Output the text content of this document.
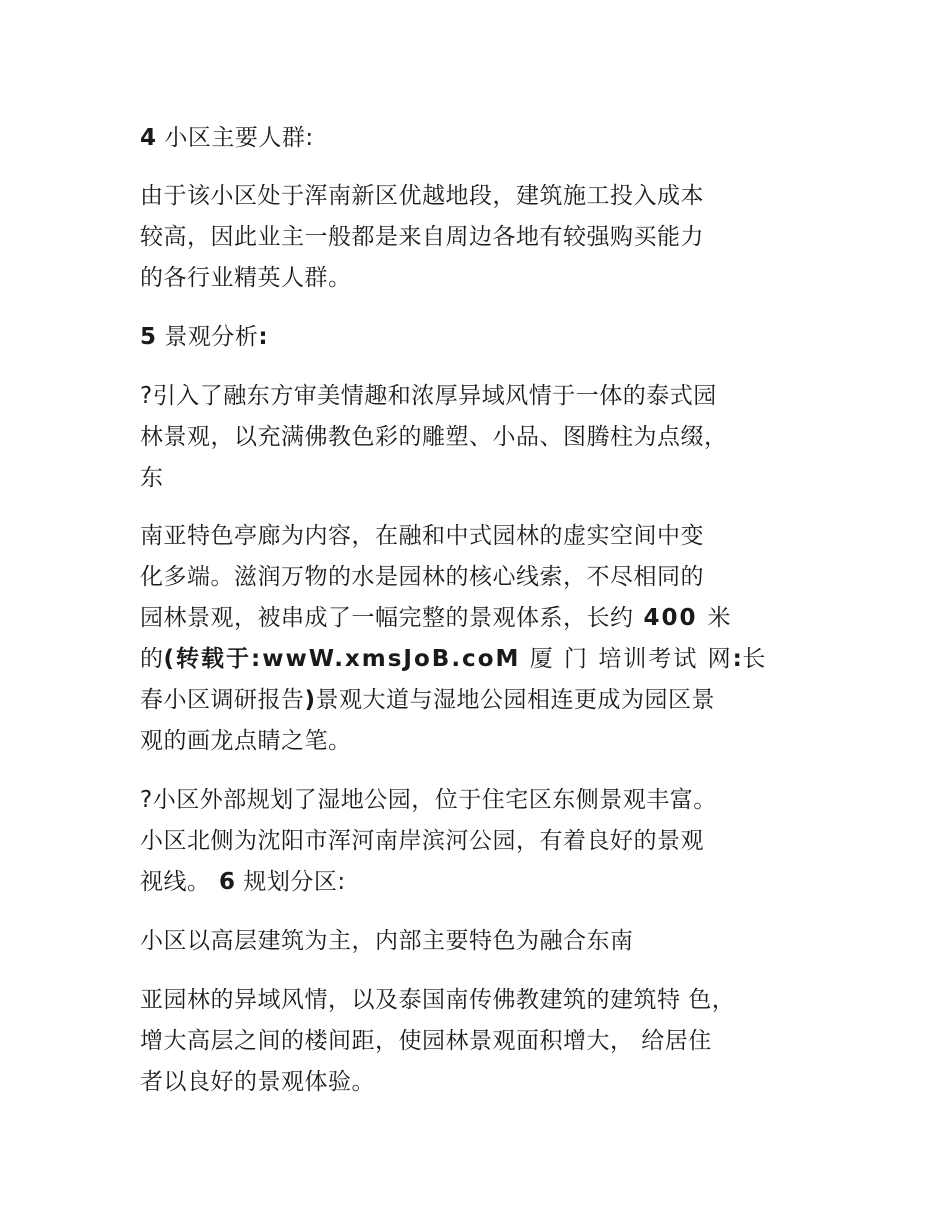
4 小区主要人群:

由于该小区处于浑南新区优越地段，建筑施工投入成本

较高，因此业主一般都是来自周边各地有较强购买能力

的各行业精英人群。

5 景观分析:

?引入了融东方审美情趣和浓厚异域风情于一体的泰式园

林景观，以充满佛教色彩的雕塑、小品、图腾柱为点缀，

东

南亚特色亭廊为内容，在融和中式园林的虚实空间中变

化多端。滋润万物的水是园林的核心线索，不尽相同的

园林景观，被串成了一幅完整的景观体系，长约 400 米

的(转载于:wwW.xmsJoB.coM 厦 门 培训考试 网:长

春小区调研报告)景观大道与湿地公园相连更成为园区景

观的画龙点睛之笔。

?小区外部规划了湿地公园，位于住宅区东侧景观丰富。

小区北侧为沈阳市浑河南岸滨河公园，有着良好的景观

视线。 6 规划分区:

小区以高层建筑为主，内部主要特色为融合东南

亚园林的异域风情，以及泰国南传佛教建筑的建筑特 色，

增大高层之间的楼间距，使园林景观面积增大， 给居住

者以良好的景观体验。
